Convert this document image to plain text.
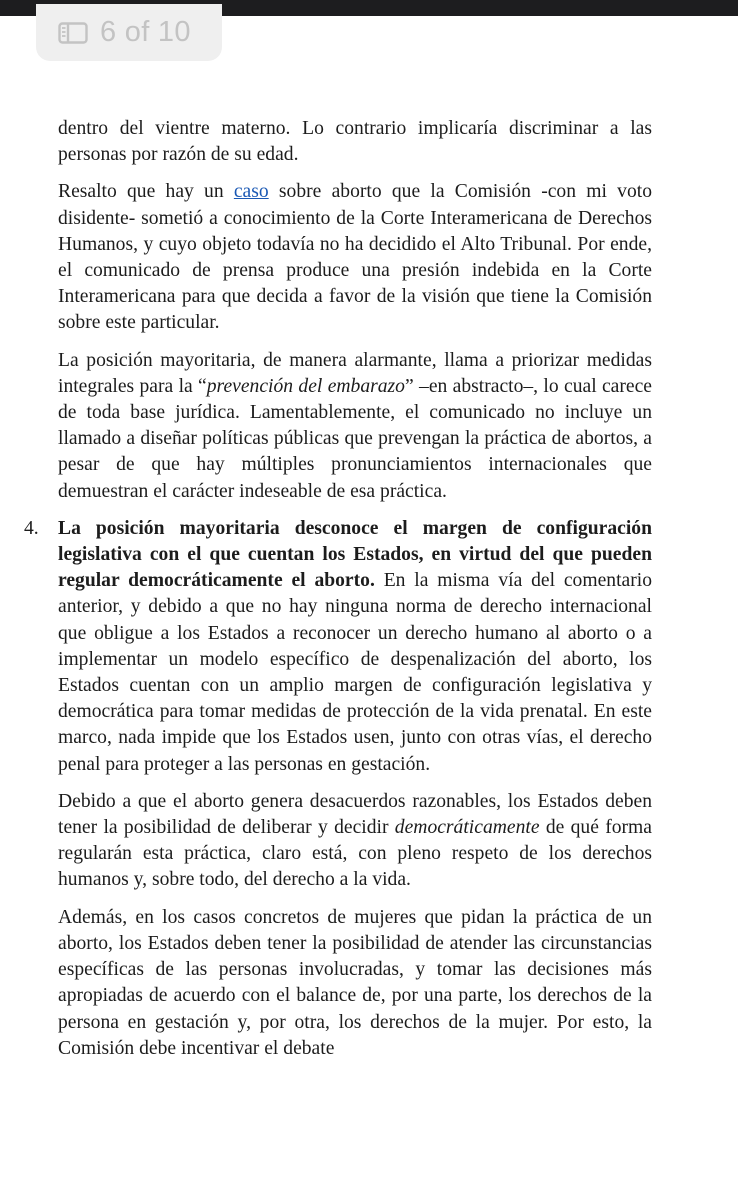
6 of 10

dentro del vientre materno. Lo contrario implicaría discriminar a las personas por razón de su edad.

Resalto que hay un caso sobre aborto que la Comisión -con mi voto disidente- sometió a conocimiento de la Corte Interamericana de Derechos Humanos, y cuyo objeto todavía no ha decidido el Alto Tribunal. Por ende, el comunicado de prensa produce una presión indebida en la Corte Interamericana para que decida a favor de la visión que tiene la Comisión sobre este particular.

La posición mayoritaria, de manera alarmante, llama a priorizar medidas integrales para la “prevención del embarazo” –en abstracto–, lo cual carece de toda base jurídica. Lamentablemente, el comunicado no incluye un llamado a diseñar políticas públicas que prevengan la práctica de abortos, a pesar de que hay múltiples pronunciamientos internacionales que demuestran el carácter indeseable de esa práctica.

4. La posición mayoritaria desconoce el margen de configuración legislativa con el que cuentan los Estados, en virtud del que pueden regular democráticamente el aborto. En la misma vía del comentario anterior, y debido a que no hay ninguna norma de derecho internacional que obligue a los Estados a reconocer un derecho humano al aborto o a implementar un modelo específico de despenalización del aborto, los Estados cuentan con un amplio margen de configuración legislativa y democrática para tomar medidas de protección de la vida prenatal. En este marco, nada impide que los Estados usen, junto con otras vías, el derecho penal para proteger a las personas en gestación.

Debido a que el aborto genera desacuerdos razonables, los Estados deben tener la posibilidad de deliberar y decidir democráticamente de qué forma regularán esta práctica, claro está, con pleno respeto de los derechos humanos y, sobre todo, del derecho a la vida.

Además, en los casos concretos de mujeres que pidan la práctica de un aborto, los Estados deben tener la posibilidad de atender las circunstancias específicas de las personas involucradas, y tomar las decisiones más apropiadas de acuerdo con el balance de, por una parte, los derechos de la persona en gestación y, por otra, los derechos de la mujer. Por esto, la Comisión debe incentivar el debate
